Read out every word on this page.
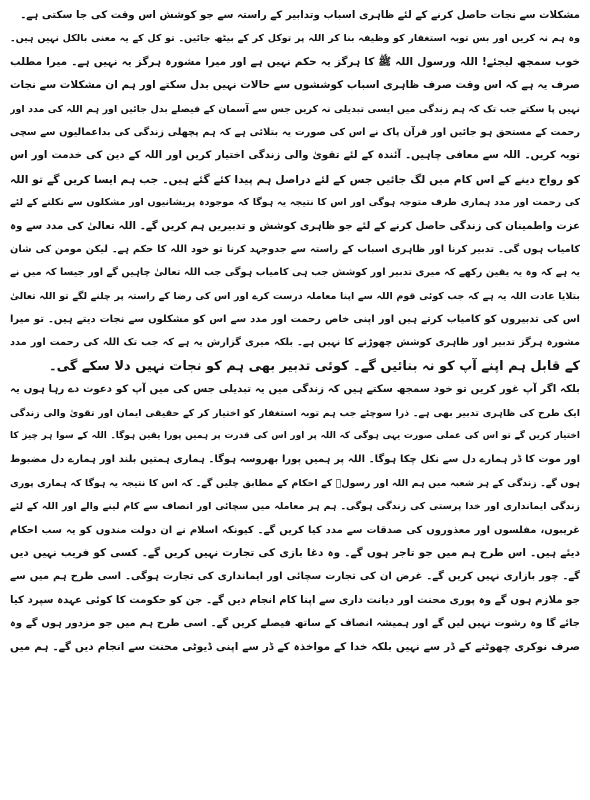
مشکلات سے نجات حاصل کرنے کے لئے ظاہری اسباب وتدابیر کے راستہ سے جو کوشش اس وقت کی جا سکتی ہے۔
وہ ہم نہ کریں اور بس توبہ استغفار کو وظیفہ بنا کر اللہ پر توکل کر کے بیٹھ جائیں۔ تو کل کے یہ معنی بالکل نہیں ہیں۔
خوب سمجھ لیجئے! اللہ ورسول اللہ ﷺ کا ہرگز یہ حکم نہیں ہے اور میرا مشورہ ہرگز یہ نہیں ہے۔ میرا مطلب
صرف یہ ہے کہ اس وقت صرف ظاہری اسباب کوششوں سے حالات نہیں بدل سکتے اور ہم ان مشکلات سے نجات
نہیں پا سکتے جب تک کہ ہم زندگی میں ایسی تبدیلی نہ کریں جس سے آسمان کے فیصلے بدل جائیں اور ہم اللہ کی مدد اور
رحمت کے مستحق ہو جائیں اور قرآن پاک نے اس کی صورت یہ بتلائی ہے کہ ہم پچھلی زندگی کی بداعمالیوں سے سچی
توبہ کریں۔ اللہ سے معافی چاہیں۔ آئندہ کے لئے تقویٰ والی زندگی اختیار کریں اور اللہ کے دین کی خدمت اور اس
کو رواج دینے کے اس کام میں لگ جائیں جس کے لئے دراصل ہم پیدا کئے گئے ہیں۔ جب ہم ایسا کریں گے تو اللہ
کی رحمت اور مدد ہماری طرف متوجہ ہوگی اور اس کا نتیجہ یہ ہوگا کہ موجودہ پریشانیوں اور مشکلوں سے نکلنے کے لئے
عزت واطمینان کی زندگی حاصل کرنے کے لئے جو ظاہری کوشش و تدبیریں ہم کریں گے۔ اللہ تعالیٰ کی مدد سے وہ
کامیاب ہوں گی۔ تدبیر کرنا اور ظاہری اسباب کے راستہ سے جدوجہد کرنا تو خود اللہ کا حکم ہے۔ لیکن مومن کی شان
یہ ہے کہ وہ یہ یقین رکھے کہ میری تدبیر اور کوشش جب ہی کامیاب ہوگی جب اللہ تعالیٰ چاہیں گے اور جیسا کہ میں نے
بتلایا عادت اللہ یہ ہے کہ جب کوئی قوم اللہ سے اپنا معاملہ درست کرے اور اس کی رضا کے راستہ پر چلنے لگے تو اللہ تعالیٰ
اس کی تدبیروں کو کامیاب کرتے ہیں اور اپنی خاص رحمت اور مدد سے اس کو مشکلوں سے نجات دیتے ہیں۔ تو میرا
مشورہ ہرگز تدبیر اور ظاہری کوشش چھوڑنے کا نہیں ہے۔ بلکہ میری گزارش یہ ہے کہ جب تک اللہ کی رحمت اور مدد
کے قابل ہم اپنے آپ کو نہ بنائیں گے۔ کوئی تدبیر بھی ہم کو نجات نہیں دلا سکے گی۔
بلکہ اگر آپ غور کریں تو خود سمجھ سکتے ہیں کہ زندگی میں یہ تبدیلی جس کی میں آپ کو دعوت دے رہا ہوں یہ
ایک طرح کی ظاہری تدبیر بھی ہے۔ ذرا سوچئے جب ہم توبہ استغفار کو اختیار کر کے حقیقی ایمان اور تقویٰ والی زندگی
اختیار کریں گے تو اس کی عملی صورت یہی ہوگی کہ اللہ پر اور اس کی قدرت پر ہمیں پورا یقین ہوگا۔ اللہ کے سوا ہر چیز کا
اور موت کا ڈر ہمارے دل سے نکل چکا ہوگا۔ اللہ پر ہمیں پورا بھروسہ ہوگا۔ ہماری ہمتیں بلند اور ہمارے دل مضبوط
ہوں گے۔ زندگی کے ہر شعبہ میں ہم اللہ اور رسولؐ کے احکام کے مطابق چلیں گے۔ کہ اس کا نتیجہ یہ ہوگا کہ ہماری پوری
زندگی ایمانداری اور خدا پرستی کی زندگی ہوگی۔ ہم ہر معاملہ میں سچائی اور انصاف سے کام لینے والے اور اللہ کے لئے
غریبوں، مفلسوں اور معذوروں کی صدقات سے مدد کیا کریں گے۔ کیونکہ اسلام نے ان دولت مندوں کو یہ سب احکام
دیئے ہیں۔ اس طرح ہم میں جو تاجر ہوں گے۔ وہ دغا بازی کی تجارت نہیں کریں گے۔ کسی کو فریب نہیں دیں
گے۔ چور بازاری نہیں کریں گے۔ غرض ان کی تجارت سچائی اور ایمانداری کی تجارت ہوگی۔ اسی طرح ہم میں سے
جو ملازم ہوں گے وہ پوری محنت اور دیانت داری سے اپنا کام انجام دیں گے۔ جن کو حکومت کا کوئی عہدہ سپرد کیا
جائے گا وہ رشوت نہیں لیں گے اور ہمیشہ انصاف کے ساتھ فیصلے کریں گے۔ اسی طرح ہم میں جو مزدور ہوں گے وہ
صرف نوکری چھوٹنے کے ڈر سے نہیں بلکہ خدا کے مواخذہ کے ڈر سے اپنی ڈیوٹی محنت سے انجام دیں گے۔ ہم میں
